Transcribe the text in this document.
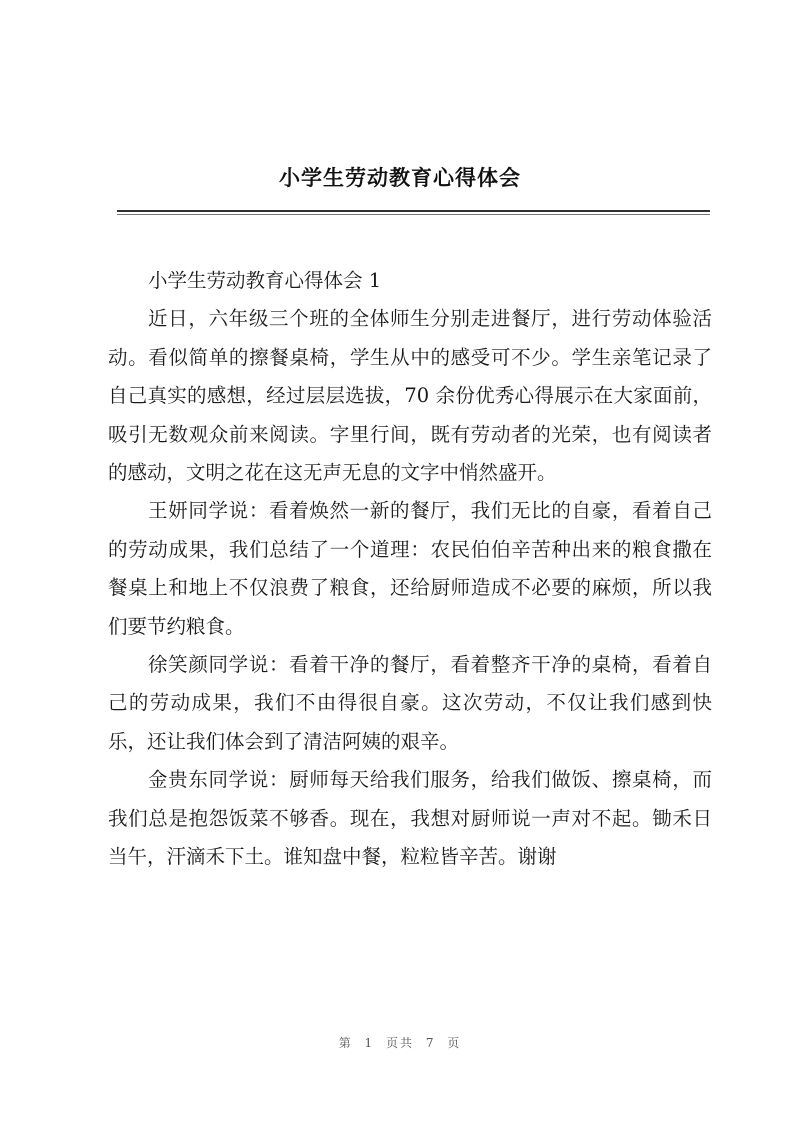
小学生劳动教育心得体会

小学生劳动教育心得体会 1

近日，六年级三个班的全体师生分别走进餐厅，进行劳动体验活动。看似简单的擦餐桌椅，学生从中的感受可不少。学生亲笔记录了自己真实的感想，经过层层选拔，70 余份优秀心得展示在大家面前，吸引无数观众前来阅读。字里行间，既有劳动者的光荣，也有阅读者的感动，文明之花在这无声无息的文字中悄然盛开。

王妍同学说：看着焕然一新的餐厅，我们无比的自豪，看着自己的劳动成果，我们总结了一个道理：农民伯伯辛苦种出来的粮食撒在餐桌上和地上不仅浪费了粮食，还给厨师造成不必要的麻烦，所以我们要节约粮食。

徐笑颜同学说：看着干净的餐厅，看着整齐干净的桌椅，看着自己的劳动成果，我们不由得很自豪。这次劳动，不仅让我们感到快乐，还让我们体会到了清洁阿姨的艰辛。

金贵东同学说：厨师每天给我们服务，给我们做饭、擦桌椅，而我们总是抱怨饭菜不够香。现在，我想对厨师说一声对不起。锄禾日当午，汗滴禾下土。谁知盘中餐，粒粒皆辛苦。谢谢

第 1 页共 7 页
